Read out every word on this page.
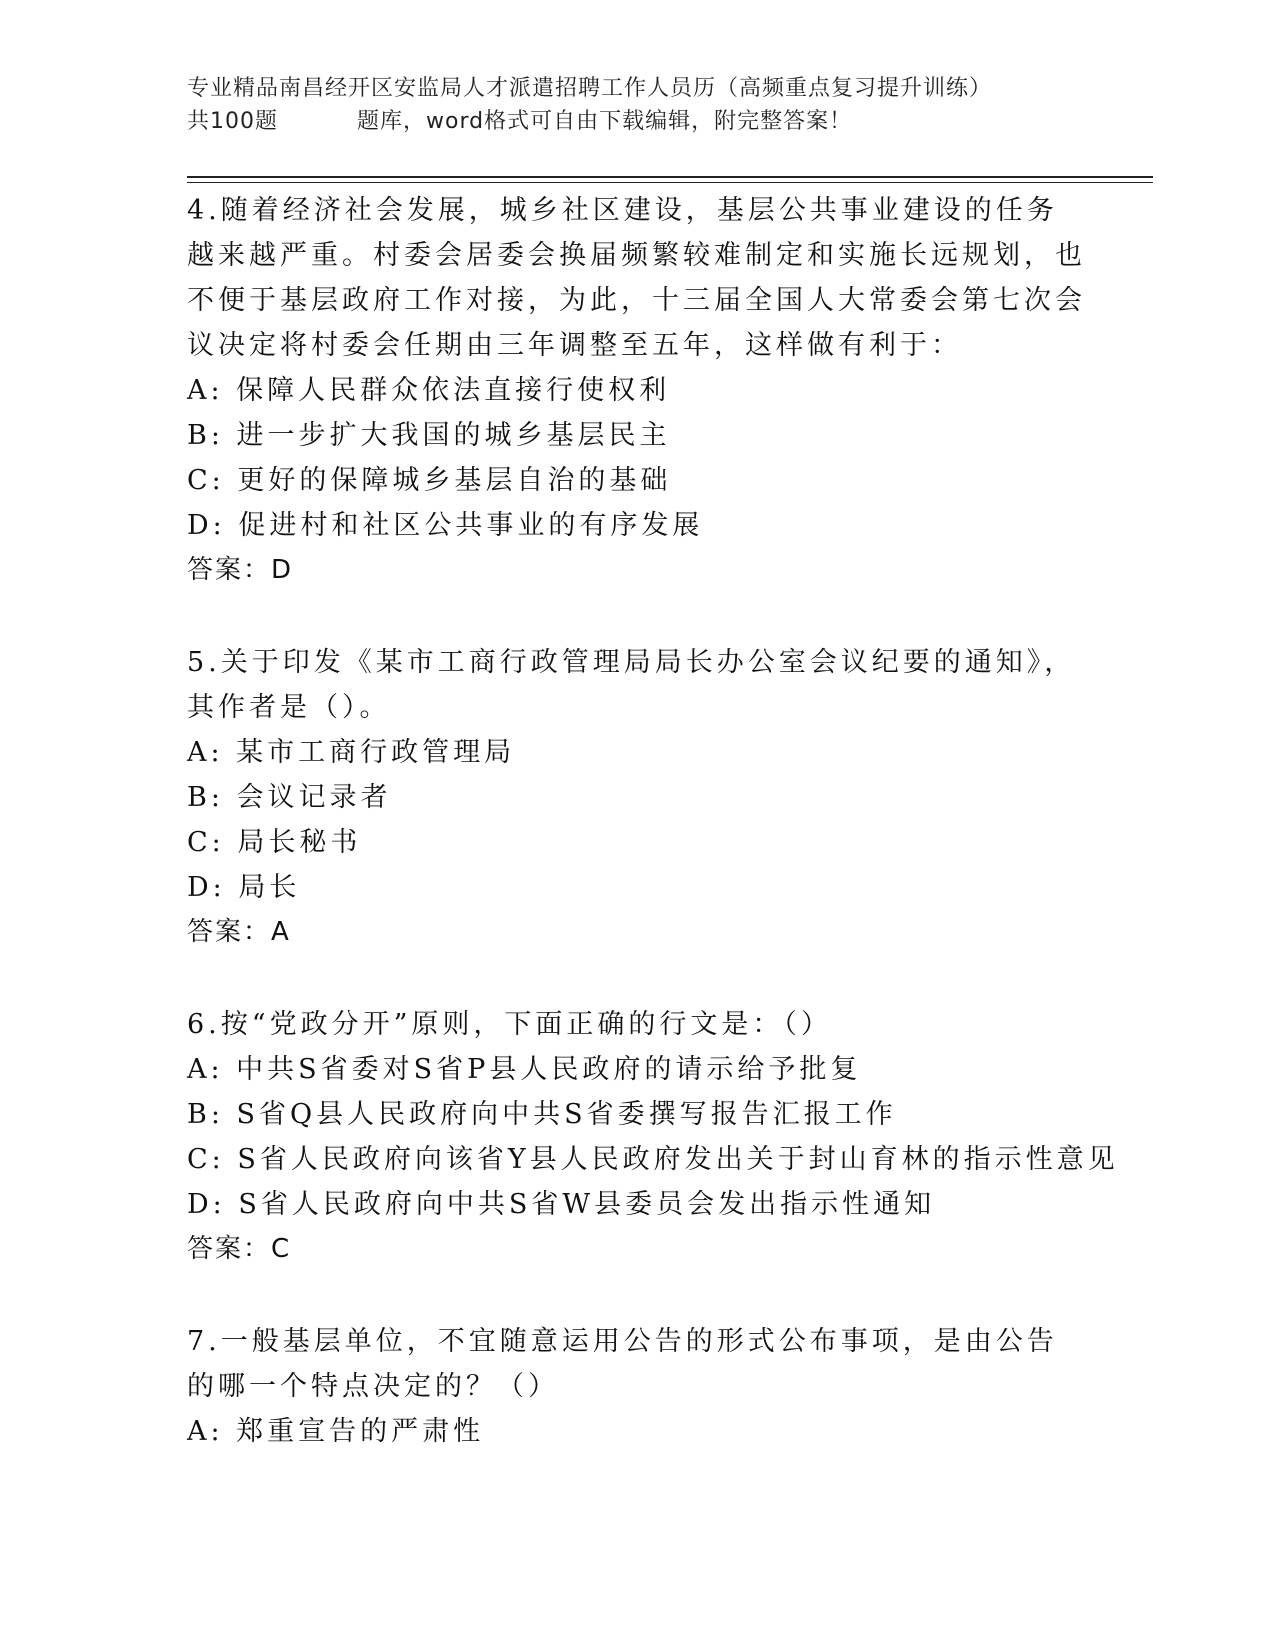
专业精品南昌经开区安监局人才派遣招聘工作人员历（高频重点复习提升训练）
共100题	题库，word格式可自由下载编辑，附完整答案！

4.随着经济社会发展，城乡社区建设，基层公共事业建设的任务越来越严重。村委会居委会换届频繁较难制定和实施长远规划，也不便于基层政府工作对接，为此，十三届全国人大常委会第七次会议决定将村委会任期由三年调整至五年，这样做有利于：

A: 保障人民群众依法直接行使权利

B: 进一步扩大我国的城乡基层民主

C: 更好的保障城乡基层自治的基础

D: 促进村和社区公共事业的有序发展

答案：D

5.关于印发《某市工商行政管理局局长办公室会议纪要的通知》，其作者是（）。

A: 某市工商行政管理局

B: 会议记录者

C: 局长秘书

D: 局长

答案：A

6.按“党政分开”原则，下面正确的行文是：（）

A: 中共S省委对S省P县人民政府的请示给予批复

B: S省Q县人民政府向中共S省委撰写报告汇报工作

C: S省人民政府向该省Y县人民政府发出关于封山育林的指示性意见

D: S省人民政府向中共S省W县委员会发出指示性通知

答案：C

7.一般基层单位，不宜随意运用公告的形式公布事项，是由公告的哪一个特点决定的？（）

A: 郑重宣告的严肃性
